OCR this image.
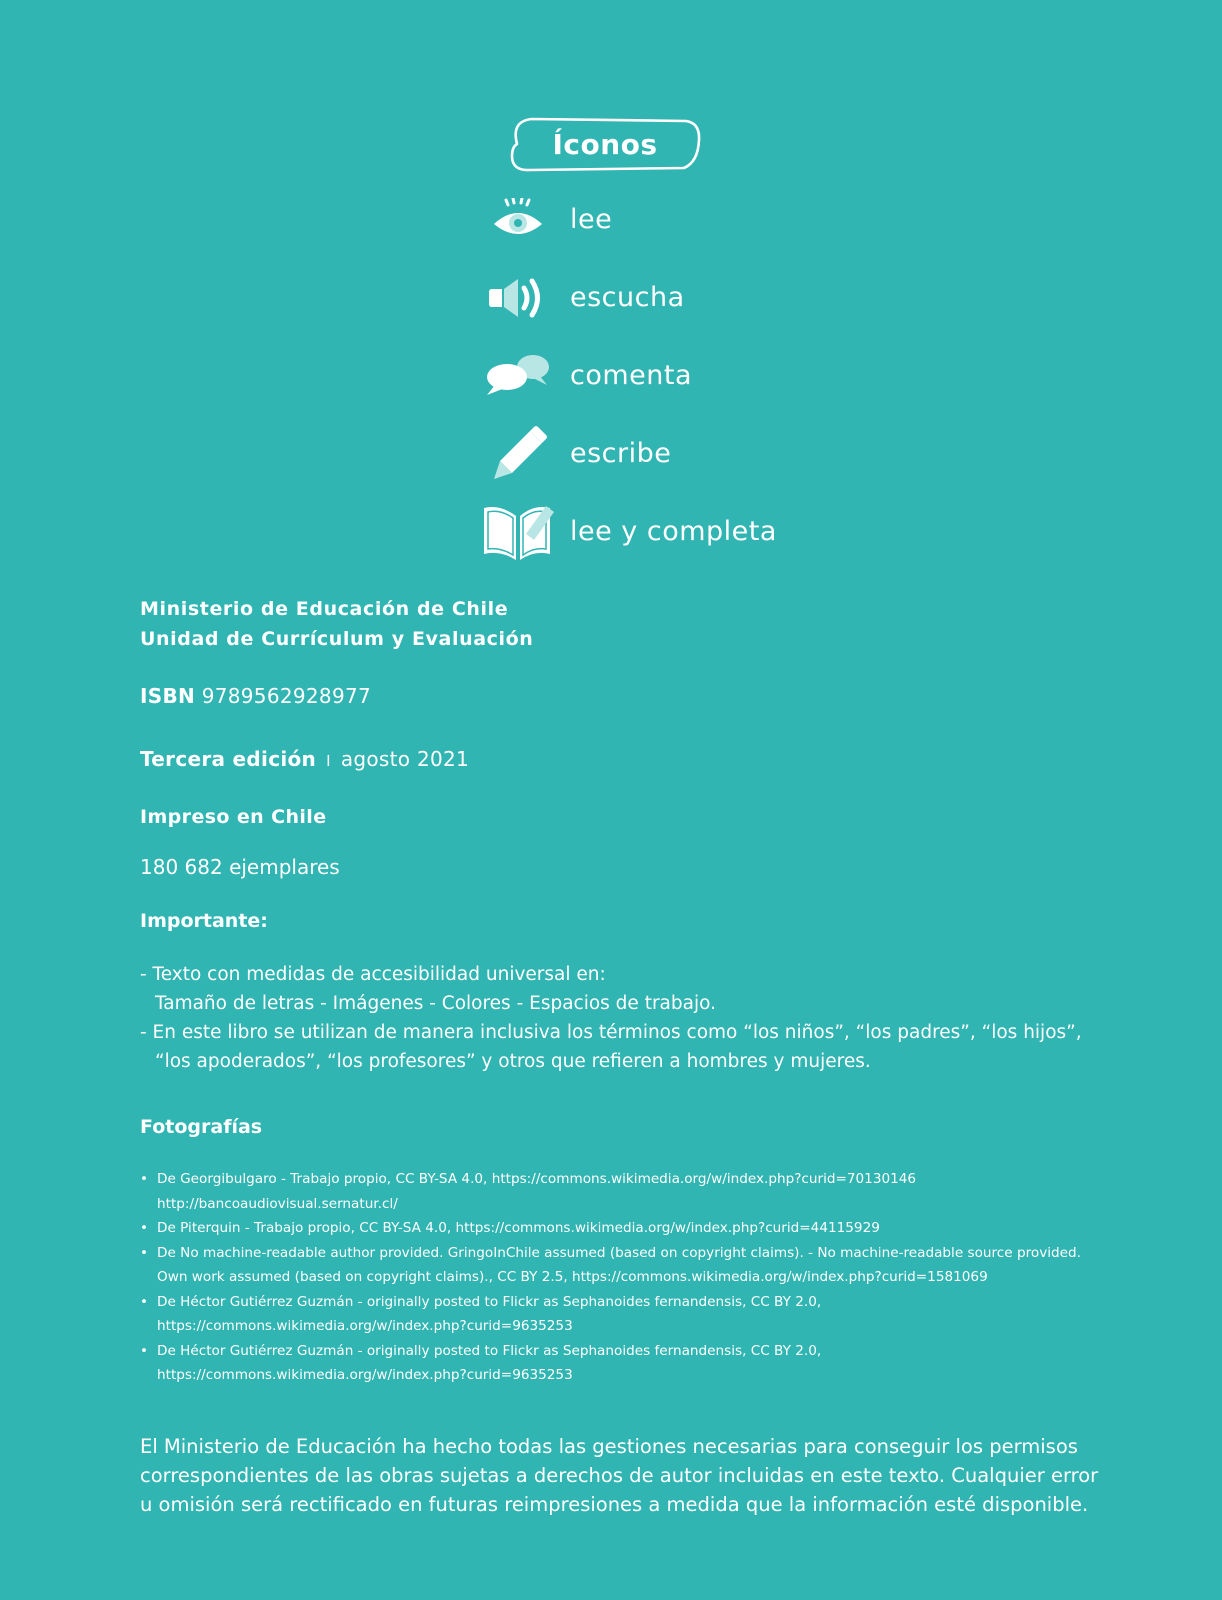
Íconos
lee
escucha
comenta
escribe
lee y completa
Ministerio de Educación de Chile
Unidad de Currículum y Evaluación
ISBN 9789562928977
Tercera edición I agosto 2021
Impreso en Chile
180 682 ejemplares
Importante:
- Texto con medidas de accesibilidad universal en:
Tamaño de letras - Imágenes - Colores - Espacios de trabajo.
- En este libro se utilizan de manera inclusiva los términos como “los niños”, “los padres”, “los hijos”,
“los apoderados”, “los profesores” y otros que refieren a hombres y mujeres.
Fotografías
• De Georgibulgaro - Trabajo propio, CC BY-SA 4.0, https://commons.wikimedia.org/w/index.php?curid=70130146 http://bancoaudiovisual.sernatur.cl/
• De Piterquin - Trabajo propio, CC BY-SA 4.0, https://commons.wikimedia.org/w/index.php?curid=44115929
• De No machine-readable author provided. GringoInChile assumed (based on copyright claims). - No machine-readable source provided. Own work assumed (based on copyright claims)., CC BY 2.5, https://commons.wikimedia.org/w/index.php?curid=1581069
• De Héctor Gutiérrez Guzmán - originally posted to Flickr as Sephanoides fernandensis, CC BY 2.0, https://commons.wikimedia.org/w/index.php?curid=9635253
• De Héctor Gutiérrez Guzmán - originally posted to Flickr as Sephanoides fernandensis, CC BY 2.0, https://commons.wikimedia.org/w/index.php?curid=9635253
El Ministerio de Educación ha hecho todas las gestiones necesarias para conseguir los permisos correspondientes de las obras sujetas a derechos de autor incluidas en este texto. Cualquier error u omisión será rectificado en futuras reimpresiones a medida que la información esté disponible.
